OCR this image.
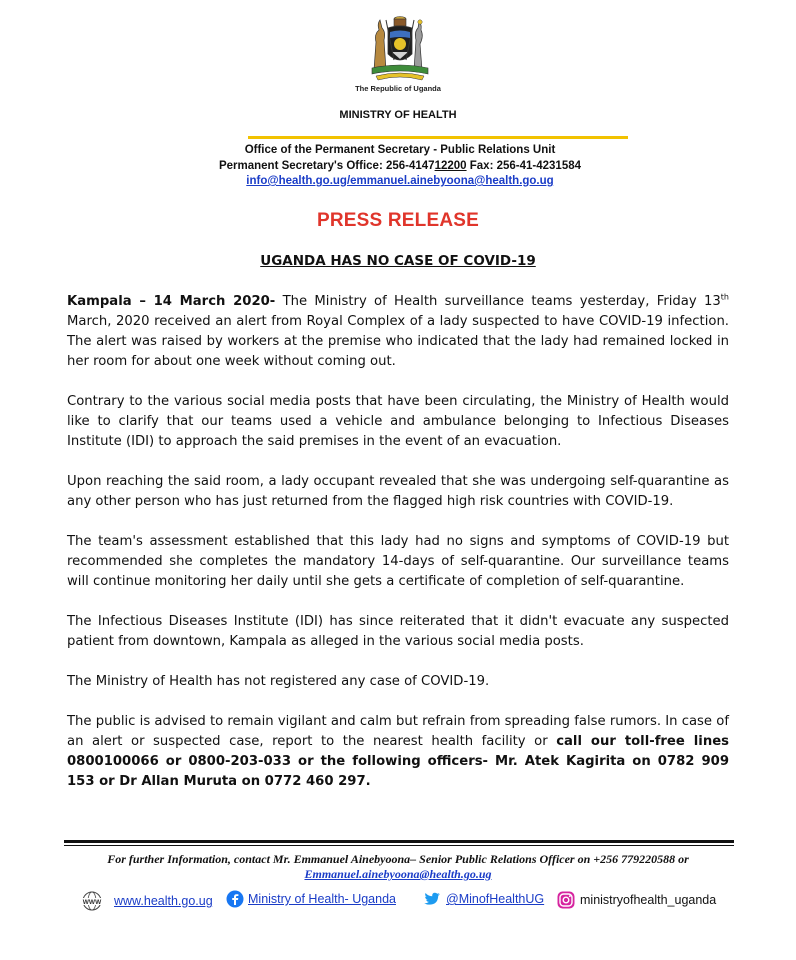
The Republic of Uganda
MINISTRY OF HEALTH
Office of the Permanent Secretary - Public Relations Unit
Permanent Secretary's Office: 256-414712200 Fax: 256-41-4231584
info@health.go.ug/emmanuel.ainebyoona@health.go.ug
PRESS RELEASE
UGANDA HAS NO CASE OF COVID-19

Kampala – 14 March 2020- The Ministry of Health surveillance teams yesterday, Friday 13th March, 2020 received an alert from Royal Complex of a lady suspected to have COVID-19 infection. The alert was raised by workers at the premise who indicated that the lady had remained locked in her room for about one week without coming out.

Contrary to the various social media posts that have been circulating, the Ministry of Health would like to clarify that our teams used a vehicle and ambulance belonging to Infectious Diseases Institute (IDI) to approach the said premises in the event of an evacuation.

Upon reaching the said room, a lady occupant revealed that she was undergoing self-quarantine as any other person who has just returned from the flagged high risk countries with COVID-19.

The team's assessment established that this lady had no signs and symptoms of COVID-19 but recommended she completes the mandatory 14-days of self-quarantine. Our surveillance teams will continue monitoring her daily until she gets a certificate of completion of self-quarantine.

The Infectious Diseases Institute (IDI) has since reiterated that it didn't evacuate any suspected patient from downtown, Kampala as alleged in the various social media posts.

The Ministry of Health has not registered any case of COVID-19.

The public is advised to remain vigilant and calm but refrain from spreading false rumors. In case of an alert or suspected case, report to the nearest health facility or call our toll-free lines 0800100066 or 0800-203-033 or the following officers- Mr. Atek Kagirita on 0782 909 153 or Dr Allan Muruta on 0772 460 297.

For further Information, contact Mr. Emmanuel Ainebyoona– Senior Public Relations Officer on +256 779220588 or Emmanuel.ainebyoona@health.go.ug
WWW www.health.go.ug	Ministry of Health- Uganda	@MinofHealthUG	ministryofhealth_uganda
